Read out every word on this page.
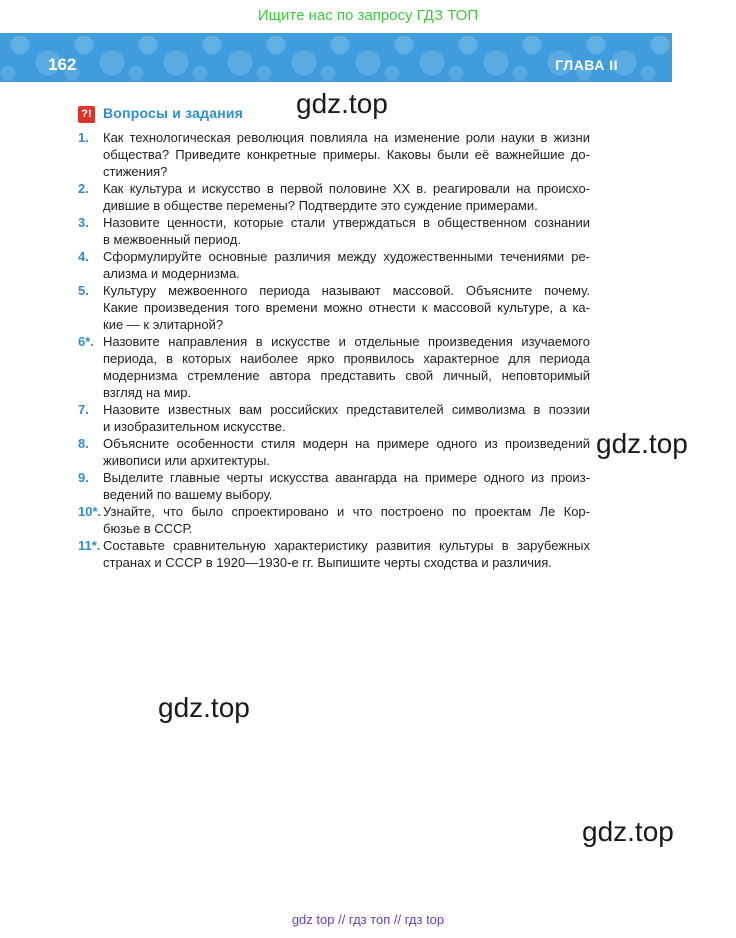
Ищите нас по запросу ГДЗ ТОП
162	ГЛАВА II
?! Вопросы и задания
1. Как технологическая революция повлияла на изменение роли науки в жизни
общества? Приведите конкретные примеры. Каковы были её важнейшие до-
стижения?
2. Как культура и искусство в первой половине XX в. реагировали на происхо-
дившие в обществе перемены? Подтвердите это суждение примерами.
3. Назовите ценности, которые стали утверждаться в общественном сознании
в межвоенный период.
4. Сформулируйте основные различия между художественными течениями ре-
ализма и модернизма.
5. Культуру межвоенного периода называют массовой. Объясните почему.
Какие произведения того времени можно отнести к массовой культуре, а ка-
кие — к элитарной?
6*. Назовите направления в искусстве и отдельные произведения изучаемого
периода, в которых наиболее ярко проявилось характерное для периода
модернизма стремление автора представить свой личный, неповторимый
взгляд на мир.
7. Назовите известных вам российских представителей символизма в поэзии
и изобразительном искусстве.
8. Объясните особенности стиля модерн на примере одного из произведений
живописи или архитектуры.
9. Выделите главные черты искусства авангарда на примере одного из произ-
ведений по вашему выбору.
10*. Узнайте, что было спроектировано и что построено по проектам Ле Кор-
бюзье в СССР.
11*. Составьте сравнительную характеристику развития культуры в зарубежных
странах и СССР в 1920—1930-е гг. Выпишите черты сходства и различия.
gdz.top
gdz.top
gdz.top
gdz.top
gdz top // гдз топ // гдз top
